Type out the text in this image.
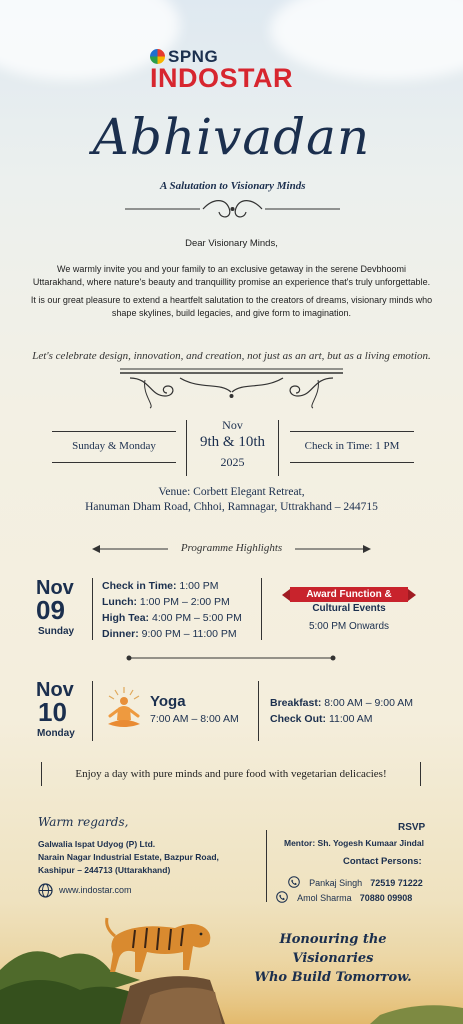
SPNG
INDOSTAR
Abhivadan
A Salutation to Visionary Minds
Dear Visionary Minds,
We warmly invite you and your family to an exclusive getaway in the serene Devbhoomi Uttarakhand, where nature's beauty and tranquillity promise an experience that's truly unforgettable.
It is our great pleasure to extend a heartfelt salutation to the creators of dreams, visionary minds who shape skylines, build legacies, and give form to imagination.
Let's celebrate design, innovation, and creation, not just as an art, but as a living emotion.
Sunday & Monday
Nov
9th & 10th
2025
Check in Time: 1 PM
Venue: Corbett Elegant Retreat,
Hanuman Dham Road, Chhoi, Ramnagar, Uttrakhand – 244715
Programme Highlights
Nov
09
Sunday
Check in Time: 1:00 PM
Lunch: 1:00 PM – 2:00 PM
High Tea: 4:00 PM – 5:00 PM
Dinner: 9:00 PM – 11:00 PM
Award Function &
Cultural Events
5:00 PM Onwards
Nov
10
Monday
Yoga
7:00 AM – 8:00 AM
Breakfast: 8:00 AM – 9:00 AM
Check Out: 11:00 AM
Enjoy a day with pure minds and pure food with vegetarian delicacies!
Warm regards,
Galwalia Ispat Udyog (P) Ltd.
Narain Nagar Industrial Estate, Bazpur Road,
Kashipur – 244713 (Uttarakhand)
www.indostar.com
RSVP
Mentor: Sh. Yogesh Kumaar Jindal
Contact Persons:
Pankaj Singh 72519 71222
Amol Sharma 70880 09908
Honouring the Visionaries
Who Build Tomorrow.
